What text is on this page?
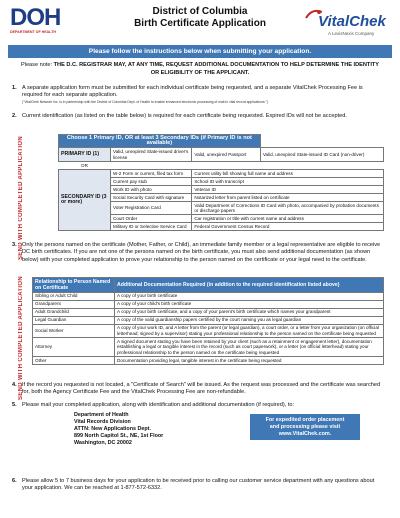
DOH
DEPARTMENT OF HEALTH
District of Columbia
Birth Certificate Application	VitalChek
A LexisNexis Company
Please follow the instructions below when submitting your application.
Please note: THE D.C. REGISTRAR MAY, AT ANY TIME, REQUEST ADDITIONAL DOCUMENTATION TO HELP DETERMINE THE IDENTITY OR ELIGIBILITY OF THE APPLICANT.
1. A separate application form must be submitted for each individual certificate being requested, and a separate VitalChek Processing Fee is required for each separate application.
("VitalChek Network Inc. is in partnership with the District of Columbia Dept. of Health to enable enhanced electronic processing of mail-in vital record applications.")
2. Current identification (as listed on the table below) is required for each certificate being requested. Expired IDs will not be accepted.
SEND WITH COMPLETED APPLICATION	Choose 1 Primary ID, OR at least 3 Secondary IDs (if Primary ID is not available)			
PRIMARY ID (1)	Valid, unexpired State-issued driver's license	Valid, unexpired Passport	Valid, unexpired State-issued ID Card (non-driver)
OR			
SECONDARY ID (3 or more)	W-2 Form or current, filed tax form	Current utility bill showing full name and address	
	Current pay stub	School ID with transcript	
	Work ID with photo	Veteran ID	
	Social Security Card with signature	Notarized letter from parent listed on certificate	
	Voter Registration Card	Valid Department of Corrections ID Card with photo, accompanied by probation documents or discharge papers	
	Court Order	Car registration or title with current name and address	
	Military ID or Selective Service Card	Federal Government Census Record	
3. Only the persons named on the certificate (Mother, Father, or Child), an immediate family member or a legal representative are eligible to receive DC birth certificates. If you are not one of the persons named on the birth certificate, you must also send additional documentation (as shown below) with your completed application to prove your relationship to the person named on the certificate or your legal need to the certificate.
SEND WITH COMPLETED APPLICATION	Relationship to Person Named on Certificate	Additional Documentation Required (in addition to the required identification listed above)
Sibling or Adult Child	A copy of your birth certificate
Grandparent	A copy of your child's birth certificate
Adult Grandchild	A copy of your birth certificate, and a copy of your parent's birth certificate which names your grandparent
Legal Guardian	A copy of the valid guardianship papers certified by the court naming you as legal guardian
Social Worker	A copy of your work ID, and A letter from the parent (or legal guardian), a court order, or a letter from your organization (on official letterhead; signed by a supervisor) stating your professional relationship to the person named on the certificate being requested
Attorney	A signed document stating you have been retained by your client (such as a retainment or engagement letter), documentation establishing a legal or tangible interest in the record (such as court paperwork), or a letter (on official letterhead) stating your professional relationship to the person named on the certificate being requested
Other	Documentation providing legal, tangible interest in the certificate being requested
4. If the record you requested is not located, a "Certificate of Search" will be issued. As the request was processed and the certificate was searched for, both the Agency Certificate Fee and the VitalChek Processing Fee are non-refundable.
5. Please mail your completed application, along with identification and additional documentation (if required), to:
Department of Health
Vital Records Division
ATTN: New Applications Dept.
899 North Capitol St., NE, 1st Floor
Washington, DC 20002
For expedited order placement
and processing please visit
www.VitalChek.com.
6. Please allow 5 to 7 business days for your application to be received prior to calling our customer service department with any questions about your application. We can be reached at 1-877-572-6332.
